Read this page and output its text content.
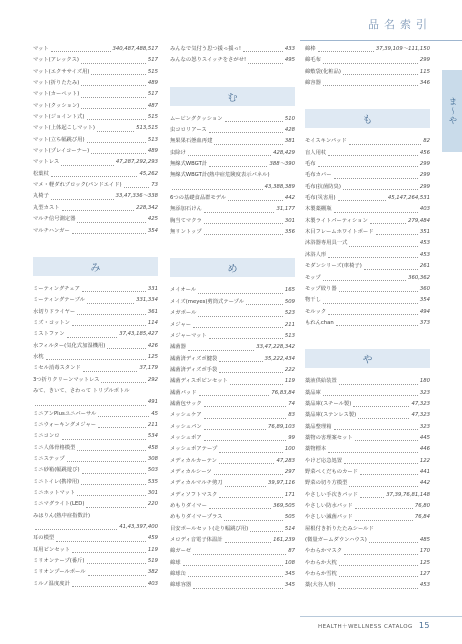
品名索引
ま〜や
マット	340,487,488,517
マット(アレックス)	517
マット(エクササイズ用)	515
マット(折りたたみ)	489
マット(カーペット)	517
マット(クッション)	487
マット(ジョイント式)	515
マット(上体起こしマット)	513,515
マット(立ち幅跳び用)	513
マット(プレイコーナー)	489
マットレス	47,287,292,293
松葉杖	45,262
マメ・軽ダれブロック(パンドエイド)	73
丸椅子	33,47,336〜338
丸型カスト	228,342
マルチ信号測定器	425
マルチハンガー	354
み
ミーティングチェア	331
ミーティングテーブル	331,334
水切りドライヤー	361
ミズ・コットン	114
ミストファン	37,43,185,427
水フィルター(気化式加湿機用)	426
水枕	125
ミセル消毒スタンド	37,179
3つ折りクリーンマットレス	292
みて、きいて、さわって トリプルボトル
491
ミニアンPlusユニバーサル	45
ミニウォーキングメジャー	211
ミニコンロ	534
ミニ人体骨格模型	458
ミニステップ	308
ミニ砂箱(幅跳遊び)	503
ミニトイレ(携帯用)	535
ミニホットマット	301
ミニマグライト(LED)	220
みはりん(熱中症指数計)
41,43,397,400
耳の模型	459
耳用ピンセット	119
ミリオンテープ(番斤)	519
ミリオンプールボール	382
ミルノ温度度計	403
みんなで気付う思つ援っ援っ!	433
みんなの怒りスイッチをさがせ!	495
む
ムービングクッション	510
虫コロリアース	428
無果果石態血再建	381
虫除け	428,429
無線式WBGT計	388〜390
無線式WBGT計(熱中症危険度表示パネル)
43,388,389
6つの基礎食品群モデル	442
無添加石けん	31,177
胸当てマクラ	301
無リントップ	356
め
メイオール	165
メイズ(meyes)剪筒式テープル	509
メガボール	523
メジャー	211
メジャーマット	513
滅菌器	33,47,228,342
滅菌済ディズポ腱袋	35,222,434
滅菌済ディズポ手袋	222
滅菌ディスポピンセット	119
滅菌パッド	76,83,84
滅菌包サック	74
メッシュケア	83
メッシュパン	76,89,103
メッシュポア	99
メッシュポアテープ	100
メディカルカーテン	47,283
メディカルシーツ	297
メディカルマルチ剪刀	39,97,116
メディソフトマスク	171
めもりダイマー	369,505
めもりダイマープラス	505
目安ボールセット(走り幅跳び用)	514
メロディ音電子体温計	161,239
綿ガーゼ	87
綿球	108
綿球缶	345
綿球容器	345
綿棒	37,39,109〜111,150
綿毛布	299
綿敷袋(化粧品)	115
綿容器	346
も
モイスキンパッド	82
盲人用杖	456
毛布	299
毛布カバー	299
毛布(抗菌防臭)	299
毛布(災害用)	45,147,264,531
木製薬棚瓶	403
木製ライトパーティション	279,484
木目フレームホワイトボード	351
沐浴器専用具一式	453
沐浴人形	453
モダンシリーズ(車椅子)	261
モップ	360,362
モップ絞り器	360
物干し	354
モルック	494
もれんchan	373
や
薬液供給装置	180
薬品庫	323
薬品庫(スチール製)	47,323
薬品庫(ステンレス製)	47,323
薬品整理箱	323
薬物の害理案セット	445
薬物標本	446
やけど応急処置	122
野菜ぺくだものカード	441
野菜の切り方模型	442
やさしい手次きパッド	37,39,76,81,148
やさしい防水パッド	76,80
やさしい滅菌パッド	76,84
屋根付き折りたたみシールド
(微量ガームダウンハウス)	485
やわらかマスク	170
やわらか大枕	125
やわらか雪枕	127
薬(大谷人形)	453
HEALTH＋WELLNESS CATALOG 15
